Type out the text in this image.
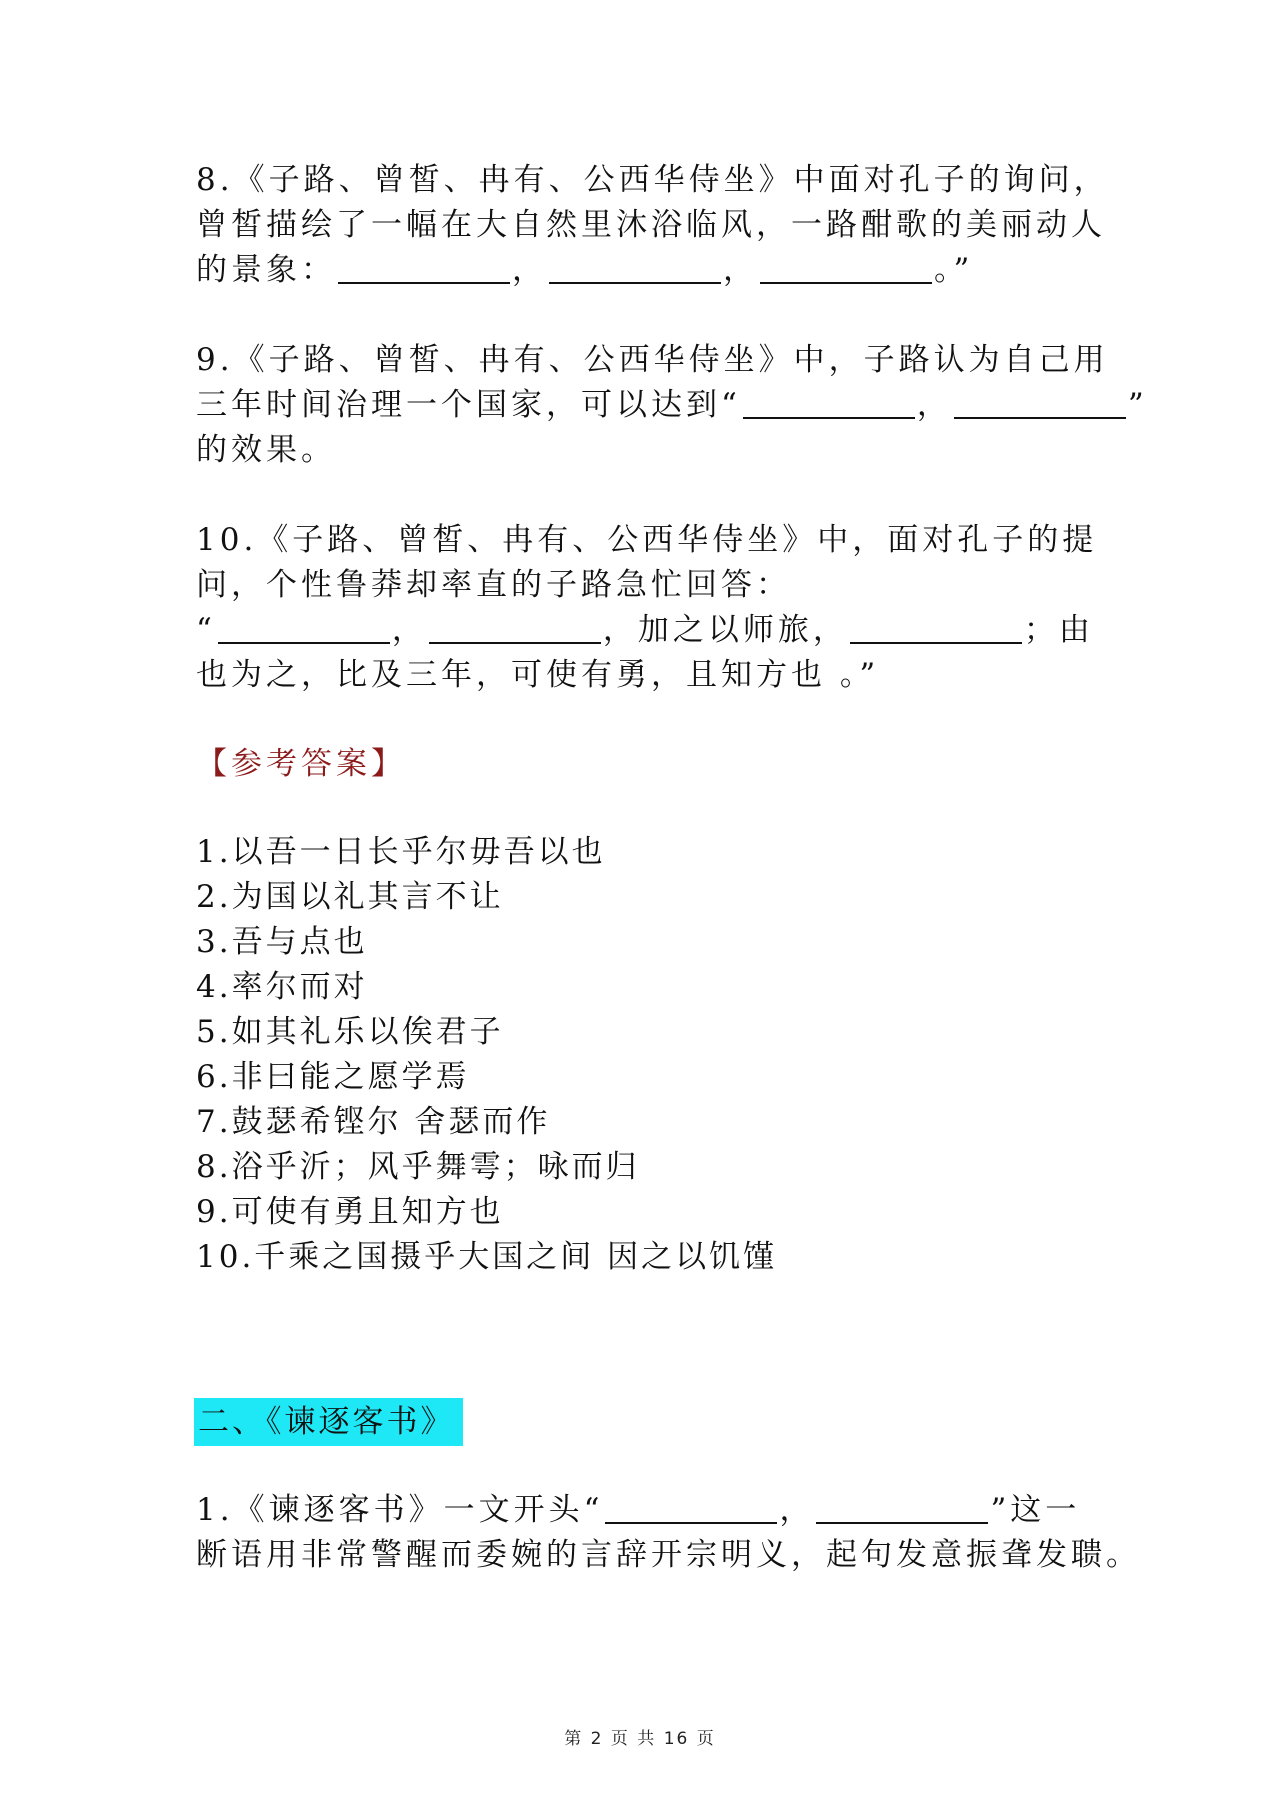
8.《子路、曾皙、冉有、公西华侍坐》中面对孔子的询问，
曾皙描绘了一幅在大自然里沐浴临风，一路酣歌的美丽动人
的景象：	，	，	。”
9.《子路、曾皙、冉有、公西华侍坐》中，子路认为自己用
三年时间治理一个国家，可以达到“	，	”
的效果。
10.《子路、曾皙、冉有、公西华侍坐》中，面对孔子的提
问，个性鲁莽却率直的子路急忙回答：
“	，	，加之以师旅，	；由
也为之，比及三年，可使有勇，且知方也 。”

【参考答案】

1.以吾一日长乎尔毋吾以也
2.为国以礼其言不让
3.吾与点也
4.率尔而对
5.如其礼乐以俟君子
6.非曰能之愿学焉
7.鼓瑟希铿尔 舍瑟而作
8.浴乎沂；风乎舞雩；咏而归
9.可使有勇且知方也
10.千乘之国摄乎大国之间 因之以饥馑

二、《谏逐客书》

1.《谏逐客书》一文开头“	，	”这一
断语用非常警醒而委婉的言辞开宗明义，起句发意振聋发聩。
第 2 页 共 16 页
